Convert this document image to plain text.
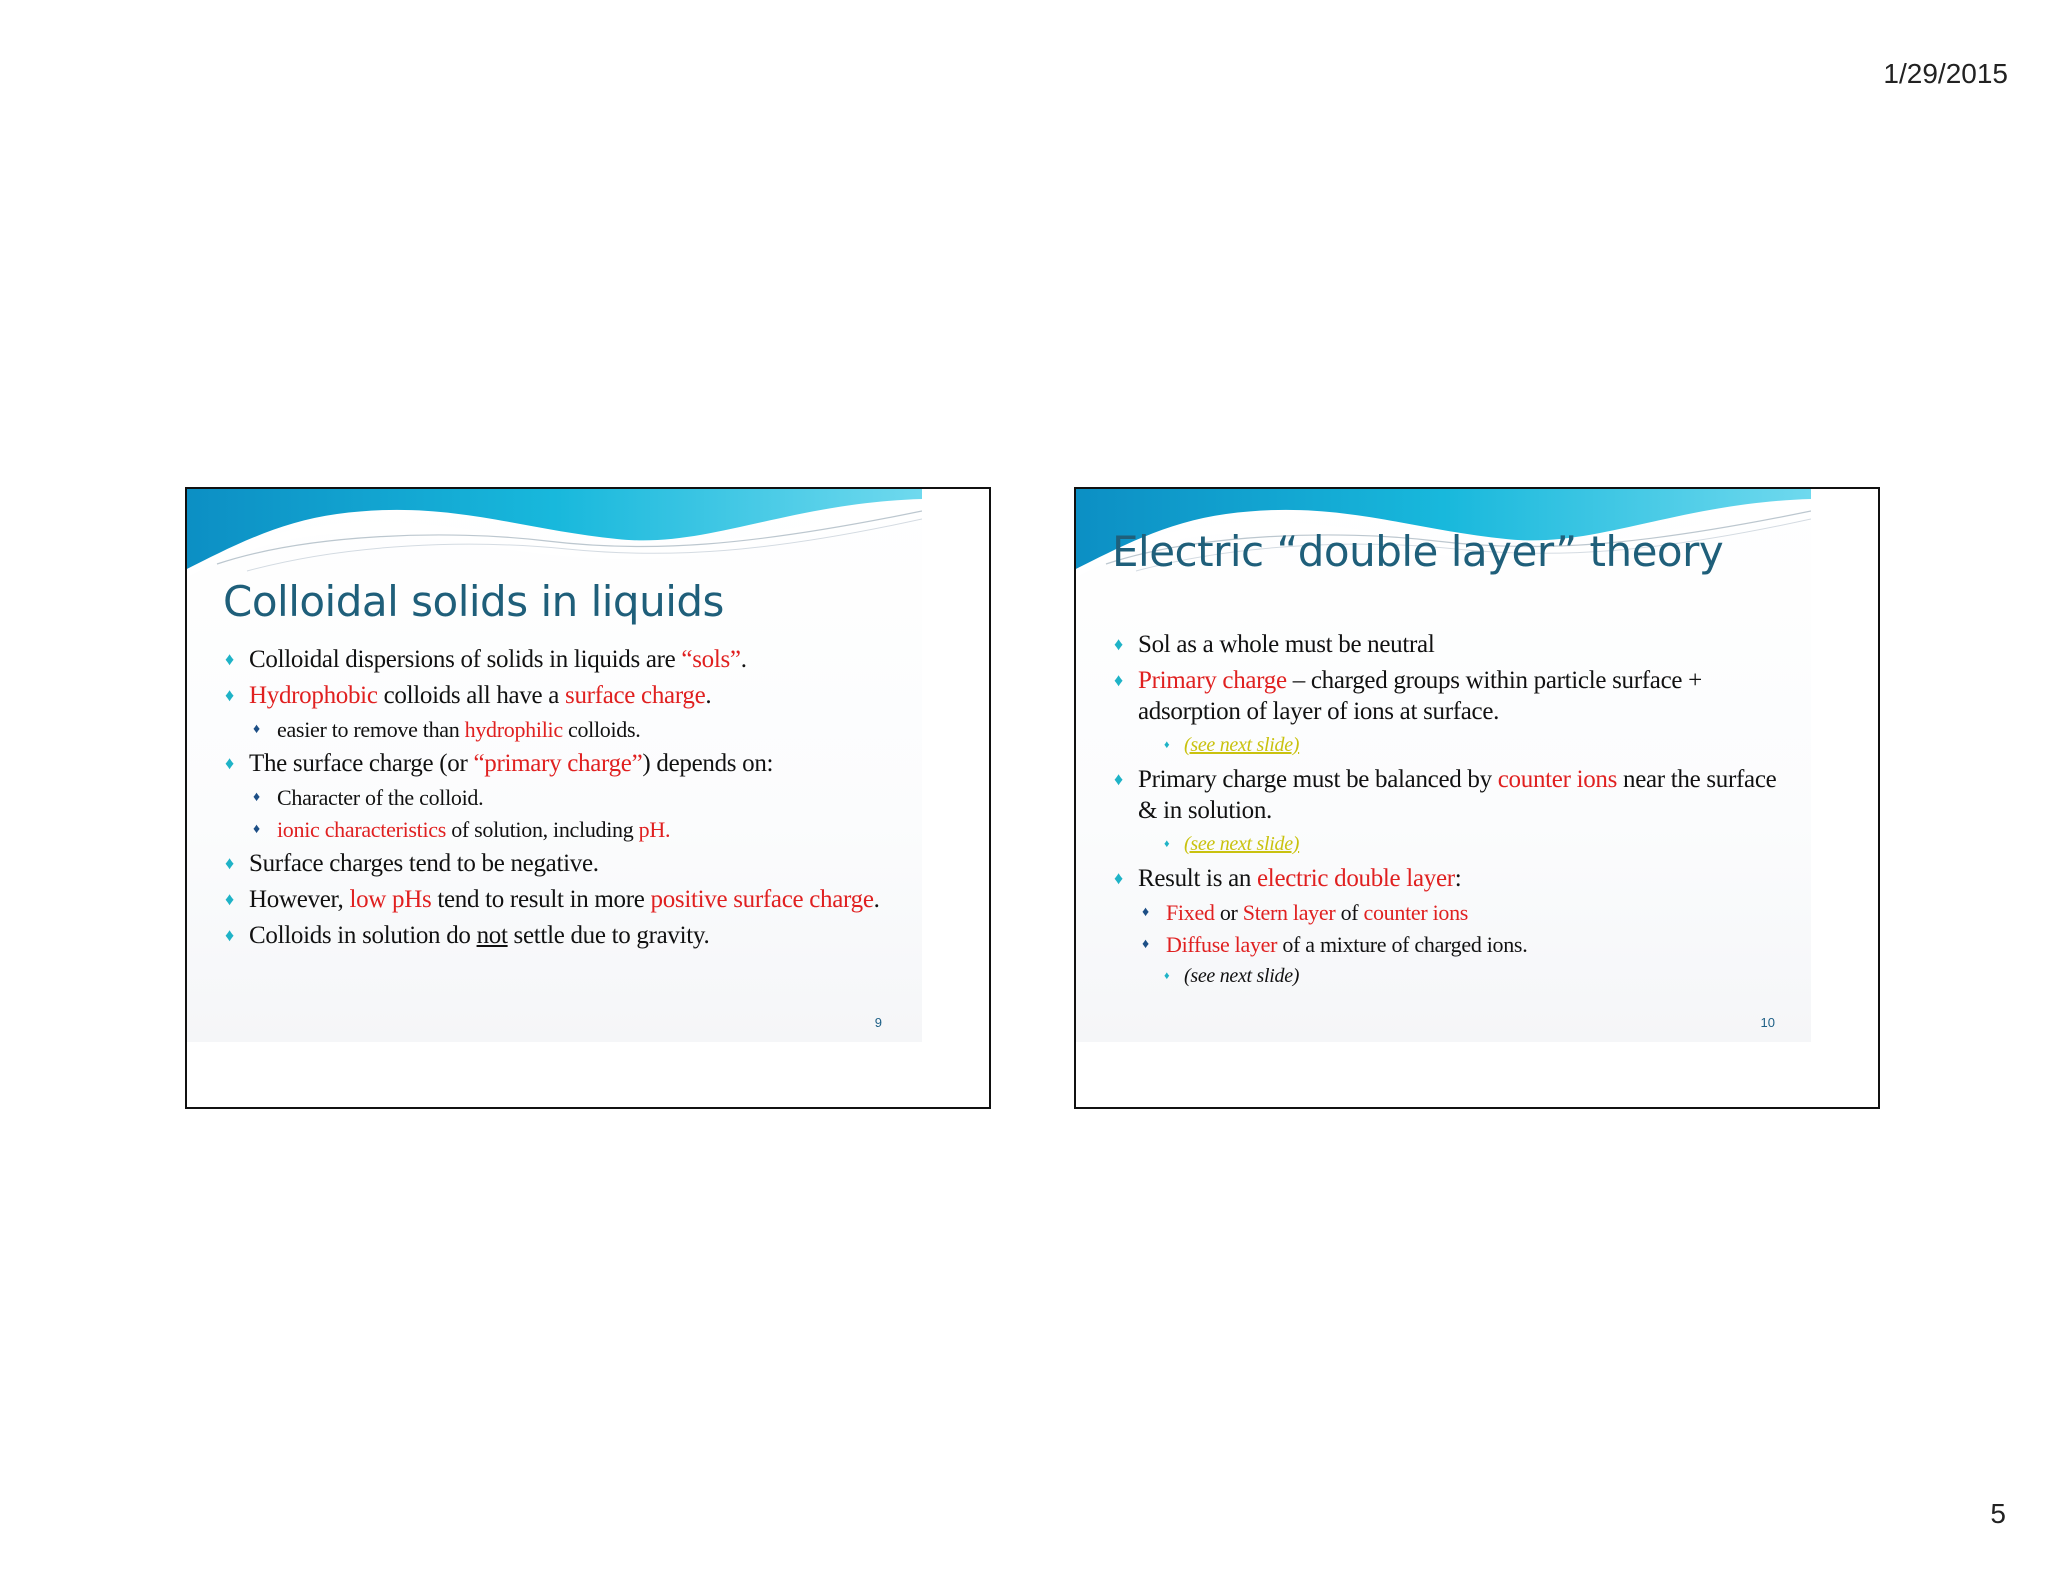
1/29/2015
Colloidal solids in liquids
♦ Colloidal dispersions of solids in liquids are “sols”.
♦ Hydrophobic colloids all have a surface charge.
♦ easier to remove than hydrophilic colloids.
♦ The surface charge (or “primary charge”) depends on:
♦ Character of the colloid.
♦ ionic characteristics of solution, including pH.
♦ Surface charges tend to be negative.
♦ However, low pHs tend to result in more positive surface charge.
♦ Colloids in solution do not settle due to gravity.
9
Electric “double layer” theory
♦ Sol as a whole must be neutral
♦ Primary charge – charged groups within particle surface + adsorption of layer of ions at surface.
♦ (see next slide)
♦ Primary charge must be balanced by counter ions near the surface & in solution.
♦ (see next slide)
♦ Result is an electric double layer:
♦ Fixed or Stern layer of counter ions
♦ Diffuse layer of a mixture of charged ions.
♦ (see next slide)
10
5
